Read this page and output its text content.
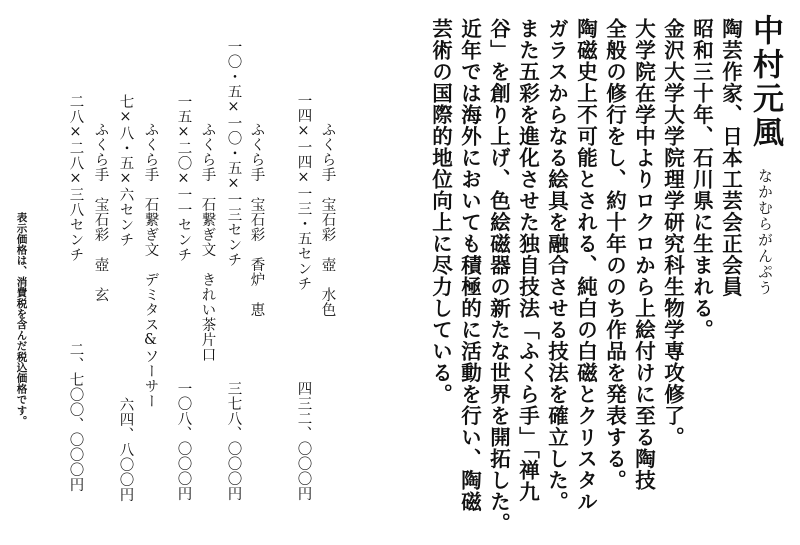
中村元風
なかむらがんぷう
陶芸作家、日本工芸会正会員
昭和三十年、石川県に生まれる。
金沢大学大学院理学研究科生物学専攻修了。
大学院在学中よりロクロから上絵付けに至る陶技
全般の修行をし、約十年ののち作品を発表する。
陶磁史上不可能とされる、純白の白磁とクリスタル
ガラスからなる絵具を融合させる技法を確立した。
また五彩を進化させた独自技法「ふくら手」「禅九
谷」を創り上げ、色絵磁器の新たな世界を開拓した。
近年では海外においても積極的に活動を行い、陶磁
芸術の国際的地位向上に尽力している。
ふくら手　宝石彩　壺　水色
一四×一四×一三・五センチ
四三二、〇〇〇円
ふくら手　宝石彩　香炉　恵
一〇・五×一〇・五×一三センチ
三七八、〇〇〇円
ふくら手　石繋ぎ文　きれい茶片口
一五×二〇×一一センチ
一〇八、〇〇〇円
ふくら手　石繋ぎ文　デミタス&ソーサー
七×八・五×六センチ
六四、八〇〇円
ふくら手　宝石彩　壺　玄
二八×二八×三八センチ
二、七〇〇、〇〇〇円
表示価格は、消費税を含んだ税込価格です。
